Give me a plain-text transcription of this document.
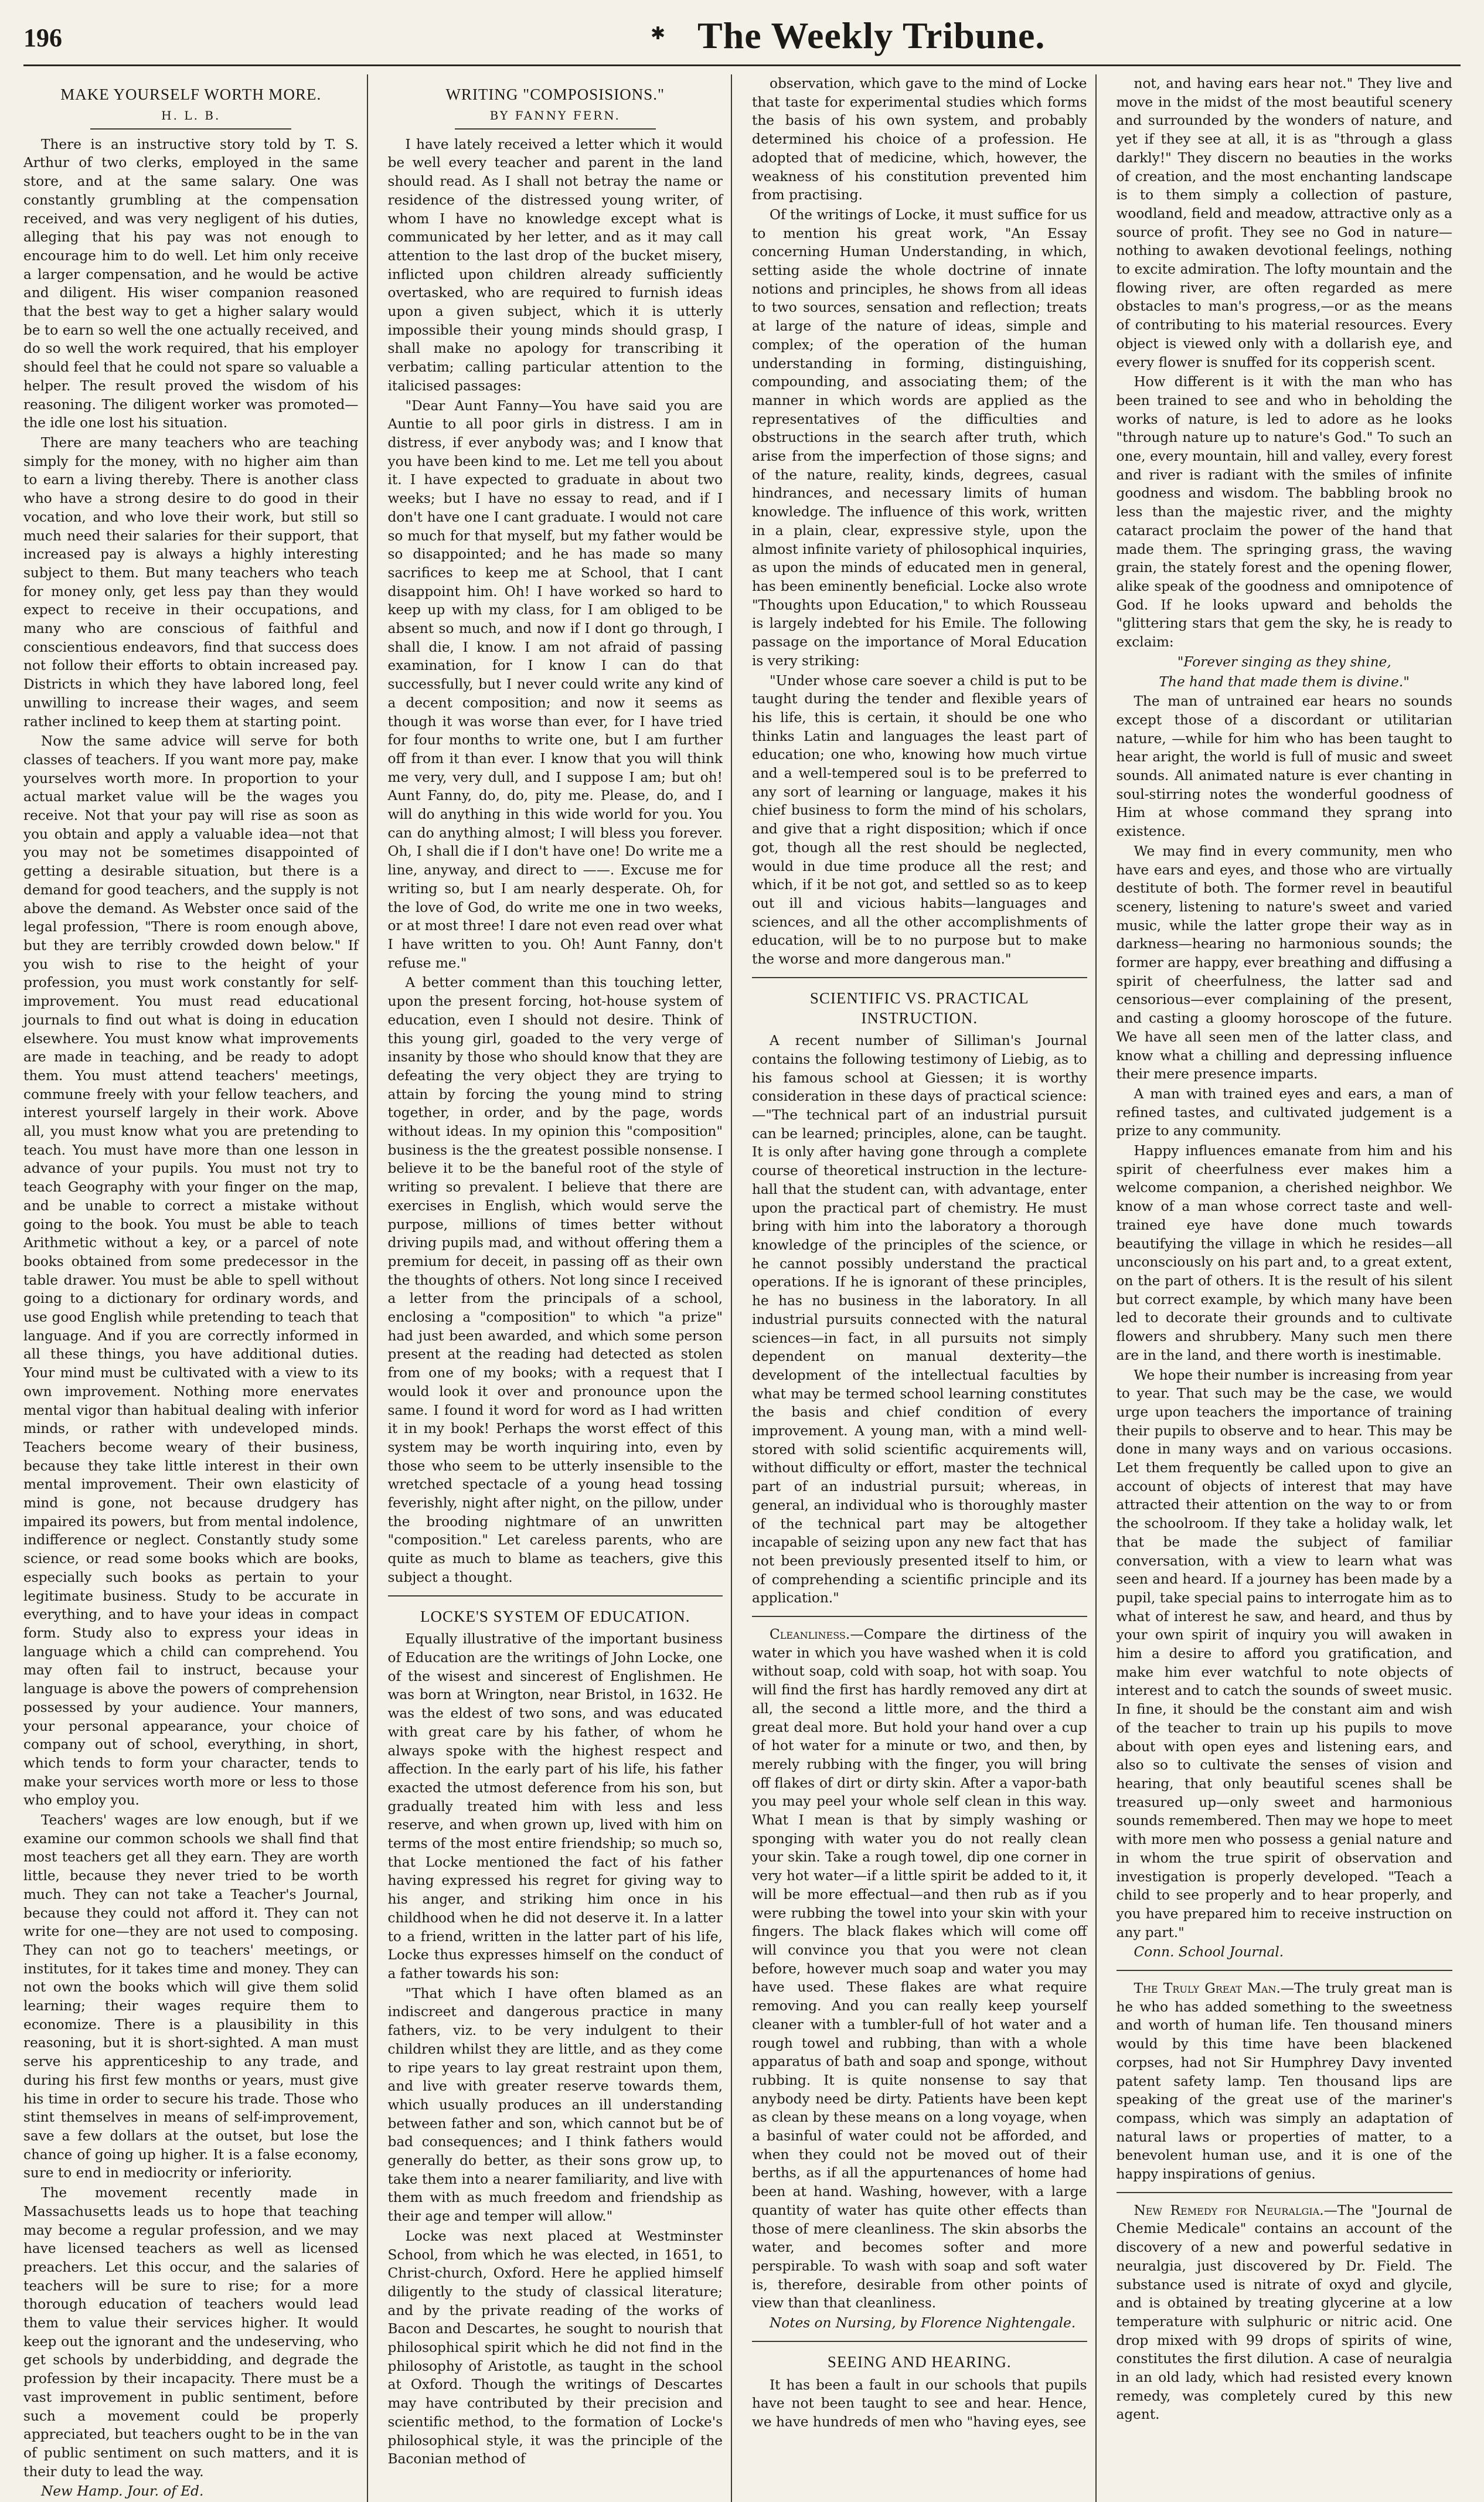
196	✱ The Weekly Tribune.
MAKE YOURSELF WORTH MORE.
H. L. B.

There is an instructive story told by T. S. Arthur of two clerks, employed in the same store, and at the same salary. One was constantly grumbling at the compensation received, and was very negligent of his duties, alleging that his pay was not enough to encourage him to do well. Let him only receive a larger compensation, and he would be active and diligent. His wiser companion reasoned that the best way to get a higher salary would be to earn so well the one actually received, and do so well the work required, that his employer should feel that he could not spare so valuable a helper. The result proved the wisdom of his reasoning. The diligent worker was promoted—the idle one lost his situation.

There are many teachers who are teaching simply for the money, with no higher aim than to earn a living thereby. There is another class who have a strong desire to do good in their vocation, and who love their work, but still so much need their salaries for their support, that increased pay is always a highly interesting subject to them. But many teachers who teach for money only, get less pay than they would expect to receive in their occupations, and many who are conscious of faithful and conscientious endeavors, find that success does not follow their efforts to obtain increased pay. Districts in which they have labored long, feel unwilling to increase their wages, and seem rather inclined to keep them at starting point.

Now the same advice will serve for both classes of teachers. If you want more pay, make yourselves worth more. In proportion to your actual market value will be the wages you receive. Not that your pay will rise as soon as you obtain and apply a valuable idea—not that you may not be sometimes disappointed of getting a desirable situation, but there is a demand for good teachers, and the supply is not above the demand. As Webster once said of the legal profession, "There is room enough above, but they are terribly crowded down below." If you wish to rise to the height of your profession, you must work constantly for self-improvement. You must read educational journals to find out what is doing in education elsewhere. You must know what improvements are made in teaching, and be ready to adopt them. You must attend teachers' meetings, commune freely with your fellow teachers, and interest yourself largely in their work. Above all, you must know what you are pretending to teach. You must have more than one lesson in advance of your pupils. You must not try to teach Geography with your finger on the map, and be unable to correct a mistake without going to the book. You must be able to teach Arithmetic without a key, or a parcel of note books obtained from some predecessor in the table drawer. You must be able to spell without going to a dictionary for ordinary words, and use good English while pretending to teach that language. And if you are correctly informed in all these things, you have additional duties. Your mind must be cultivated with a view to its own improvement. Nothing more enervates mental vigor than habitual dealing with inferior minds, or rather with undeveloped minds. Teachers become weary of their business, because they take little interest in their own mental improvement. Their own elasticity of mind is gone, not because drudgery has impaired its powers, but from mental indolence, indifference or neglect. Constantly study some science, or read some books which are books, especially such books as pertain to your legitimate business. Study to be accurate in everything, and to have your ideas in compact form. Study also to express your ideas in language which a child can comprehend. You may often fail to instruct, because your language is above the powers of comprehension possessed by your audience. Your manners, your personal appearance, your choice of company out of school, everything, in short, which tends to form your character, tends to make your services worth more or less to those who employ you.

Teachers' wages are low enough, but if we examine our common schools we shall find that most teachers get all they earn. They are worth little, because they never tried to be worth much. They can not take a Teacher's Journal, because they could not afford it. They can not write for one—they are not used to composing. They can not go to teachers' meetings, or institutes, for it takes time and money. They can not own the books which will give them solid learning; their wages require them to economize. There is a plausibility in this reasoning, but it is short-sighted. A man must serve his apprenticeship to any trade, and during his first few months or years, must give his time in order to secure his trade. Those who stint themselves in means of self-improvement, save a few dollars at the outset, but lose the chance of going up higher. It is a false economy, sure to end in mediocrity or inferiority.

The movement recently made in Massachusetts leads us to hope that teaching may become a regular profession, and we may have licensed teachers as well as licensed preachers. Let this occur, and the salaries of teachers will be sure to rise; for a more thorough education of teachers would lead them to value their services higher. It would keep out the ignorant and the undeserving, who get schools by underbidding, and degrade the profession by their incapacity. There must be a vast improvement in public sentiment, before such a movement could be properly appreciated, but teachers ought to be in the van of public sentiment on such matters, and it is their duty to lead the way.

New Hamp. Jour. of Ed.

WRITING "COMPOSISIONS."
BY FANNY FERN.

I have lately received a letter which it would be well every teacher and parent in the land should read. As I shall not betray the name or residence of the distressed young writer, of whom I have no knowledge except what is communicated by her letter, and as it may call attention to the last drop of the bucket misery, inflicted upon children already sufficiently overtasked, who are required to furnish ideas upon a given subject, which it is utterly impossible their young minds should grasp, I shall make no apology for transcribing it verbatim; calling particular attention to the italicised passages:

"Dear Aunt Fanny—You have said you are Auntie to all poor girls in distress. I am in distress, if ever anybody was; and I know that you have been kind to me. Let me tell you about it. I have expected to graduate in about two weeks; but I have no essay to read, and if I don't have one I cant graduate. I would not care so much for that myself, but my father would be so disappointed; and he has made so many sacrifices to keep me at School, that I cant disappoint him. Oh! I have worked so hard to keep up with my class, for I am obliged to be absent so much, and now if I dont go through, I shall die, I know. I am not afraid of passing examination, for I know I can do that successfully, but I never could write any kind of a decent composition; and now it seems as though it was worse than ever, for I have tried for four months to write one, but I am further off from it than ever. I know that you will think me very, very dull, and I suppose I am; but oh! Aunt Fanny, do, do, pity me. Please, do, and I will do anything in this wide world for you. You can do anything almost; I will bless you forever. Oh, I shall die if I don't have one! Do write me a line, anyway, and direct to ——. Excuse me for writing so, but I am nearly desperate. Oh, for the love of God, do write me one in two weeks, or at most three! I dare not even read over what I have written to you. Oh! Aunt Fanny, don't refuse me."

A better comment than this touching letter, upon the present forcing, hot-house system of education, even I should not desire. Think of this young girl, goaded to the very verge of insanity by those who should know that they are defeating the very object they are trying to attain by forcing the young mind to string together, in order, and by the page, words without ideas. In my opinion this "composition" business is the the greatest possible nonsense. I believe it to be the baneful root of the style of writing so prevalent. I believe that there are exercises in English, which would serve the purpose, millions of times better without driving pupils mad, and without offering them a premium for deceit, in passing off as their own the thoughts of others. Not long since I received a letter from the principals of a school, enclosing a "composition" to which "a prize" had just been awarded, and which some person present at the reading had detected as stolen from one of my books; with a request that I would look it over and pronounce upon the same. I found it word for word as I had written it in my book! Perhaps the worst effect of this system may be worth inquiring into, even by those who seem to be utterly insensible to the wretched spectacle of a young head tossing feverishly, night after night, on the pillow, under the brooding nightmare of an unwritten "composition." Let careless parents, who are quite as much to blame as teachers, give this subject a thought.

LOCKE'S SYSTEM OF EDUCATION.

Equally illustrative of the important business of Education are the writings of John Locke, one of the wisest and sincerest of Englishmen. He was born at Wrington, near Bristol, in 1632. He was the eldest of two sons, and was educated with great care by his father, of whom he always spoke with the highest respect and affection. In the early part of his life, his father exacted the utmost deference from his son, but gradually treated him with less and less reserve, and when grown up, lived with him on terms of the most entire friendship; so much so, that Locke mentioned the fact of his father having expressed his regret for giving way to his anger, and striking him once in his childhood when he did not deserve it. In a latter to a friend, written in the latter part of his life, Locke thus expresses himself on the conduct of a father towards his son:

"That which I have often blamed as an indiscreet and dangerous practice in many fathers, viz. to be very indulgent to their children whilst they are little, and as they come to ripe years to lay great restraint upon them, and live with greater reserve towards them, which usually produces an ill understanding between father and son, which cannot but be of bad consequences; and I think fathers would generally do better, as their sons grow up, to take them into a nearer familiarity, and live with them with as much freedom and friendship as their age and temper will allow."

Locke was next placed at Westminster School, from which he was elected, in 1651, to Christ-church, Oxford. Here he applied himself diligently to the study of classical literature; and by the private reading of the works of Bacon and Descartes, he sought to nourish that philosophical spirit which he did not find in the philosophy of Aristotle, as taught in the school at Oxford. Though the writings of Descartes may have contributed by their precision and scientific method, to the formation of Locke's philosophical style, it was the principle of the Baconian method of

observation, which gave to the mind of Locke that taste for experimental studies which forms the basis of his own system, and probably determined his choice of a profession. He adopted that of medicine, which, however, the weakness of his constitution prevented him from practising.

Of the writings of Locke, it must suffice for us to mention his great work, "An Essay concerning Human Understanding, in which, setting aside the whole doctrine of innate notions and principles, he shows from all ideas to two sources, sensation and reflection; treats at large of the nature of ideas, simple and complex; of the operation of the human understanding in forming, distinguishing, compounding, and associating them; of the manner in which words are applied as the representatives of the difficulties and obstructions in the search after truth, which arise from the imperfection of those signs; and of the nature, reality, kinds, degrees, casual hindrances, and necessary limits of human knowledge. The influence of this work, written in a plain, clear, expressive style, upon the almost infinite variety of philosophical inquiries, as upon the minds of educated men in general, has been eminently beneficial. Locke also wrote "Thoughts upon Education," to which Rousseau is largely indebted for his Emile. The following passage on the importance of Moral Education is very striking:

"Under whose care soever a child is put to be taught during the tender and flexible years of his life, this is certain, it should be one who thinks Latin and languages the least part of education; one who, knowing how much virtue and a well-tempered soul is to be preferred to any sort of learning or language, makes it his chief business to form the mind of his scholars, and give that a right disposition; which if once got, though all the rest should be neglected, would in due time produce all the rest; and which, if it be not got, and settled so as to keep out ill and vicious habits—languages and sciences, and all the other accomplishments of education, will be to no purpose but to make the worse and more dangerous man."

SCIENTIFIC VS. PRACTICAL INSTRUCTION.

A recent number of Silliman's Journal contains the following testimony of Liebig, as to his famous school at Giessen; it is worthy consideration in these days of practical science:—"The technical part of an industrial pursuit can be learned; principles, alone, can be taught. It is only after having gone through a complete course of theoretical instruction in the lecture-hall that the student can, with advantage, enter upon the practical part of chemistry. He must bring with him into the laboratory a thorough knowledge of the principles of the science, or he cannot possibly understand the practical operations. If he is ignorant of these principles, he has no business in the laboratory. In all industrial pursuits connected with the natural sciences—in fact, in all pursuits not simply dependent on manual dexterity—the development of the intellectual faculties by what may be termed school learning constitutes the basis and chief condition of every improvement. A young man, with a mind well-stored with solid scientific acquirements will, without difficulty or effort, master the technical part of an industrial pursuit; whereas, in general, an individual who is thoroughly master of the technical part may be altogether incapable of seizing upon any new fact that has not been previously presented itself to him, or of comprehending a scientific principle and its application."

Cleanliness.—Compare the dirtiness of the water in which you have washed when it is cold without soap, cold with soap, hot with soap. You will find the first has hardly removed any dirt at all, the second a little more, and the third a great deal more. But hold your hand over a cup of hot water for a minute or two, and then, by merely rubbing with the finger, you will bring off flakes of dirt or dirty skin. After a vapor-bath you may peel your whole self clean in this way. What I mean is that by simply washing or sponging with water you do not really clean your skin. Take a rough towel, dip one corner in very hot water—if a little spirit be added to it, it will be more effectual—and then rub as if you were rubbing the towel into your skin with your fingers. The black flakes which will come off will convince you that you were not clean before, however much soap and water you may have used. These flakes are what require removing. And you can really keep yourself cleaner with a tumbler-full of hot water and a rough towel and rubbing, than with a whole apparatus of bath and soap and sponge, without rubbing. It is quite nonsense to say that anybody need be dirty. Patients have been kept as clean by these means on a long voyage, when a basinful of water could not be afforded, and when they could not be moved out of their berths, as if all the appurtenances of home had been at hand. Washing, however, with a large quantity of water has quite other effects than those of mere cleanliness. The skin absorbs the water, and becomes softer and more perspirable. To wash with soap and soft water is, therefore, desirable from other points of view than that cleanliness.

Notes on Nursing, by Florence Nightengale.

SEEING AND HEARING.

It has been a fault in our schools that pupils have not been taught to see and hear. Hence, we have hundreds of men who "having eyes, see

not, and having ears hear not." They live and move in the midst of the most beautiful scenery and surrounded by the wonders of nature, and yet if they see at all, it is as "through a glass darkly!" They discern no beauties in the works of creation, and the most enchanting landscape is to them simply a collection of pasture, woodland, field and meadow, attractive only as a source of profit. They see no God in nature—nothing to awaken devotional feelings, nothing to excite admiration. The lofty mountain and the flowing river, are often regarded as mere obstacles to man's progress,—or as the means of contributing to his material resources. Every object is viewed only with a dollarish eye, and every flower is snuffed for its copperish scent.

How different is it with the man who has been trained to see and who in beholding the works of nature, is led to adore as he looks "through nature up to nature's God." To such an one, every mountain, hill and valley, every forest and river is radiant with the smiles of infinite goodness and wisdom. The babbling brook no less than the majestic river, and the mighty cataract proclaim the power of the hand that made them. The springing grass, the waving grain, the stately forest and the opening flower, alike speak of the goodness and omnipotence of God. If he looks upward and beholds the "glittering stars that gem the sky, he is ready to exclaim:

"Forever singing as they shine,

The hand that made them is divine."

The man of untrained ear hears no sounds except those of a discordant or utilitarian nature, —while for him who has been taught to hear aright, the world is full of music and sweet sounds. All animated nature is ever chanting in soul-stirring notes the wonderful goodness of Him at whose command they sprang into existence.

We may find in every community, men who have ears and eyes, and those who are virtually destitute of both. The former revel in beautiful scenery, listening to nature's sweet and varied music, while the latter grope their way as in darkness—hearing no harmonious sounds; the former are happy, ever breathing and diffusing a spirit of cheerfulness, the latter sad and censorious—ever complaining of the present, and casting a gloomy horoscope of the future. We have all seen men of the latter class, and know what a chilling and depressing influence their mere presence imparts.

A man with trained eyes and ears, a man of refined tastes, and cultivated judgement is a prize to any community.

Happy influences emanate from him and his spirit of cheerfulness ever makes him a welcome companion, a cherished neighbor. We know of a man whose correct taste and well-trained eye have done much towards beautifying the village in which he resides—all unconsciously on his part and, to a great extent, on the part of others. It is the result of his silent but correct example, by which many have been led to decorate their grounds and to cultivate flowers and shrubbery. Many such men there are in the land, and there worth is inestimable.

We hope their number is increasing from year to year. That such may be the case, we would urge upon teachers the importance of training their pupils to observe and to hear. This may be done in many ways and on various occasions. Let them frequently be called upon to give an account of objects of interest that may have attracted their attention on the way to or from the schoolroom. If they take a holiday walk, let that be made the subject of familiar conversation, with a view to learn what was seen and heard. If a journey has been made by a pupil, take special pains to interrogate him as to what of interest he saw, and heard, and thus by your own spirit of inquiry you will awaken in him a desire to afford you gratification, and make him ever watchful to note objects of interest and to catch the sounds of sweet music. In fine, it should be the constant aim and wish of the teacher to train up his pupils to move about with open eyes and listening ears, and also so to cultivate the senses of vision and hearing, that only beautiful scenes shall be treasured up—only sweet and harmonious sounds remembered. Then may we hope to meet with more men who possess a genial nature and in whom the true spirit of observation and investigation is properly developed. "Teach a child to see properly and to hear properly, and you have prepared him to receive instruction on any part."

Conn. School Journal.

The Truly Great Man.—The truly great man is he who has added something to the sweetness and worth of human life. Ten thousand miners would by this time have been blackened corpses, had not Sir Humphrey Davy invented patent safety lamp. Ten thousand lips are speaking of the great use of the mariner's compass, which was simply an adaptation of natural laws or properties of matter, to a benevolent human use, and it is one of the happy inspirations of genius.

New Remedy for Neuralgia.—The "Journal de Chemie Medicale" contains an account of the discovery of a new and powerful sedative in neuralgia, just discovered by Dr. Field. The substance used is nitrate of oxyd and glycile, and is obtained by treating glycerine at a low temperature with sulphuric or nitric acid. One drop mixed with 99 drops of spirits of wine, constitutes the first dilution. A case of neuralgia in an old lady, which had resisted every known remedy, was completely cured by this new agent.
